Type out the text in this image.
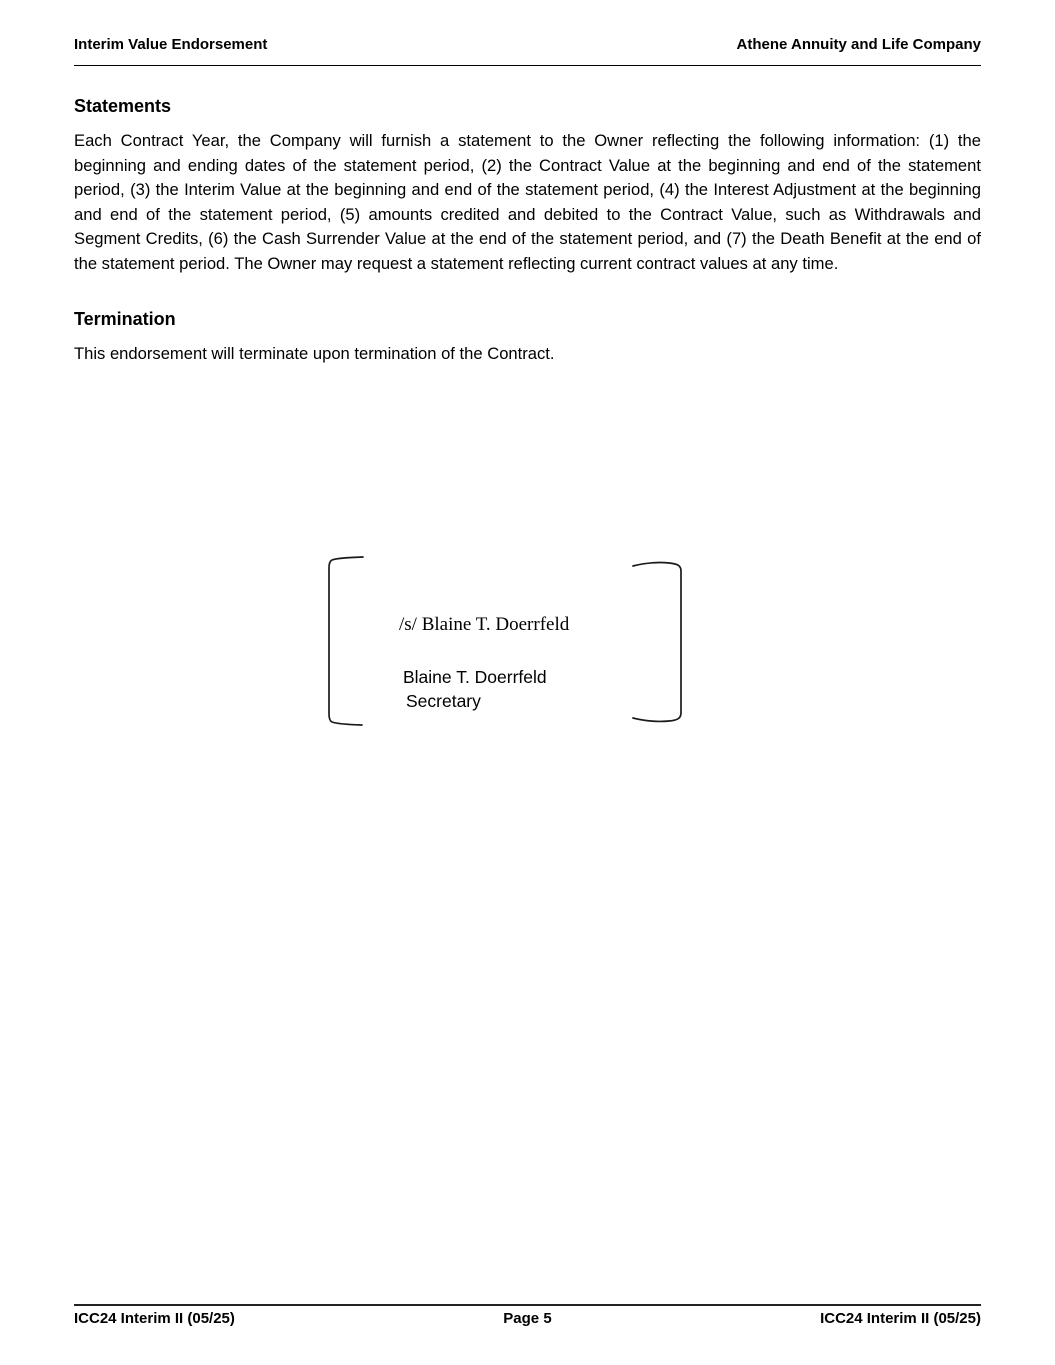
Interim Value Endorsement	Athene Annuity and Life Company
Statements

Each Contract Year, the Company will furnish a statement to the Owner reflecting the following information: (1) the beginning and ending dates of the statement period, (2) the Contract Value at the beginning and end of the statement period, (3) the Interim Value at the beginning and end of the statement period, (4) the Interest Adjustment at the beginning and end of the statement period, (5) amounts credited and debited to the Contract Value, such as Withdrawals and Segment Credits, (6) the Cash Surrender Value at the end of the statement period, and (7) the Death Benefit at the end of the statement period. The Owner may request a statement reflecting current contract values at any time.

Termination

This endorsement will terminate upon termination of the Contract.

/s/ Blaine T. Doerrfeld
Blaine T. Doerrfeld
Secretary
ICC24 Interim II (05/25)	Page 5	ICC24 Interim II (05/25)
